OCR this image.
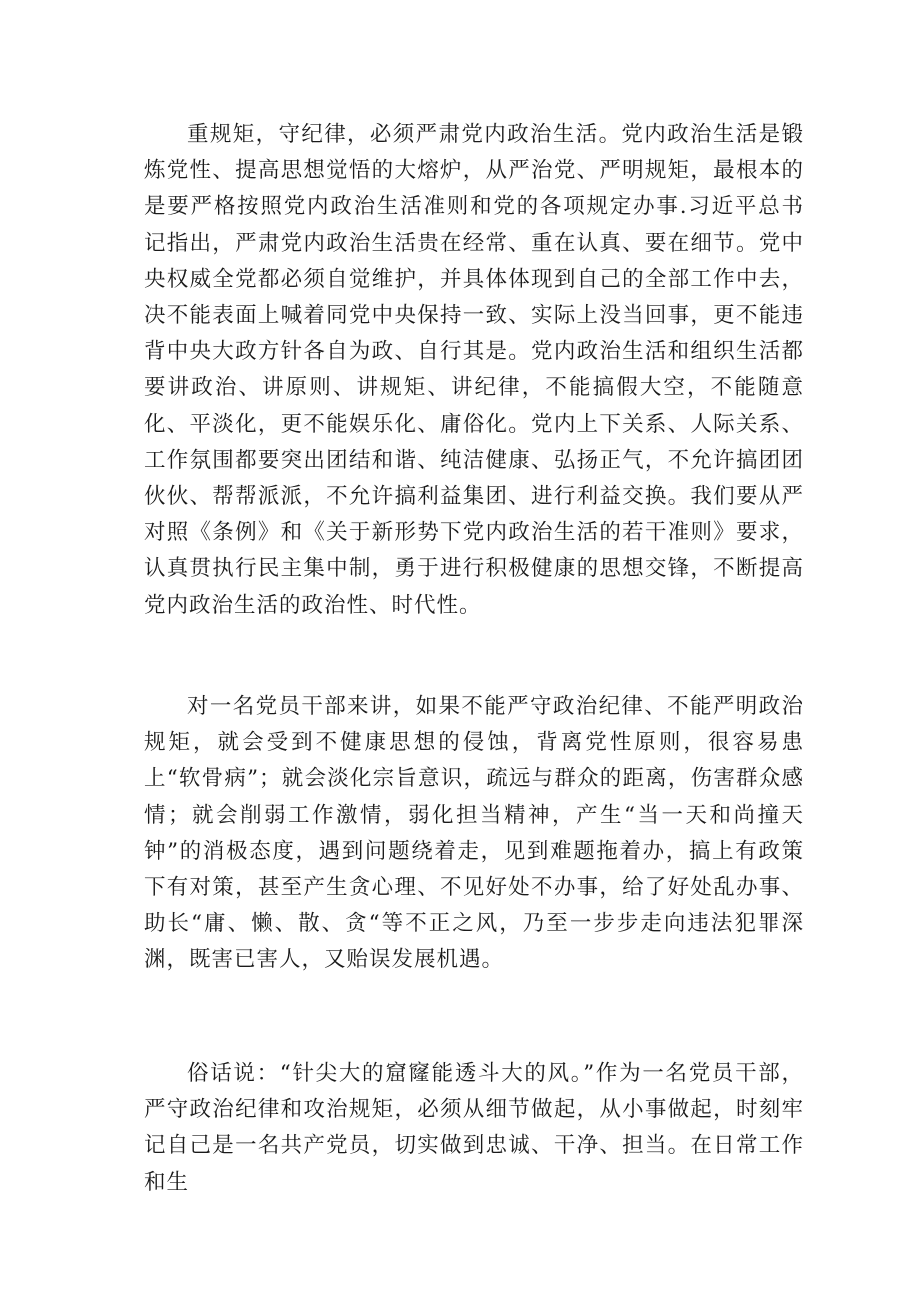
重规矩，守纪律，必须严肃党内政治生活。党内政治生活是锻炼党性、提高思想觉悟的大熔炉，从严治党、严明规矩，最根本的是要严格按照党内政治生活准则和党的各项规定办事.习近平总书记指出，严肃党内政治生活贵在经常、重在认真、要在细节。党中央权威全党都必须自觉维护，并具体体现到自己的全部工作中去，决不能表面上喊着同党中央保持一致、实际上没当回事，更不能违背中央大政方针各自为政、自行其是。党内政治生活和组织生活都要讲政治、讲原则、讲规矩、讲纪律，不能搞假大空，不能随意化、平淡化，更不能娱乐化、庸俗化。党内上下关系、人际关系、工作氛围都要突出团结和谐、纯洁健康、弘扬正气，不允许搞团团伙伙、帮帮派派，不允许搞利益集团、进行利益交换。我们要从严对照《条例》和《关于新形势下党内政治生活的若干准则》要求，认真贯执行民主集中制，勇于进行积极健康的思想交锋，不断提高党内政治生活的政治性、时代性。

对一名党员干部来讲，如果不能严守政治纪律、不能严明政治规矩，就会受到不健康思想的侵蚀，背离党性原则，很容易患上“软骨病”；就会淡化宗旨意识，疏远与群众的距离，伤害群众感情；就会削弱工作激情，弱化担当精神，产生“当一天和尚撞天钟”的消极态度，遇到问题绕着走，见到难题拖着办，搞上有政策下有对策，甚至产生贪心理、不见好处不办事，给了好处乱办事、助长“庸、懒、散、贪“等不正之风，乃至一步步走向违法犯罪深渊，既害已害人，又贻误发展机遇。

俗话说：“针尖大的窟窿能透斗大的风。”作为一名党员干部，严守政治纪律和攻治规矩，必须从细节做起，从小事做起，时刻牢记自己是一名共产党员，切实做到忠诚、干净、担当。在日常工作和生
